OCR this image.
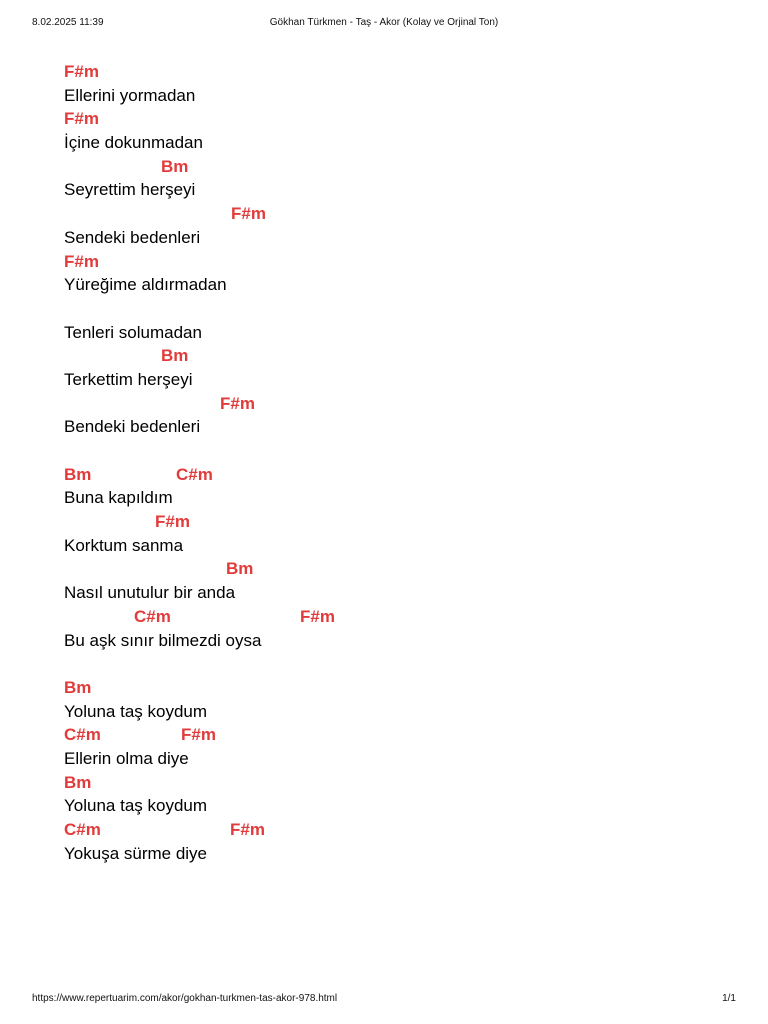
8.02.2025 11:39	Gökhan Türkmen - Taş - Akor (Kolay ve Orjinal Ton)
F#m
Ellerini yormadan
F#m
İçine dokunmadan
Bm
Seyrettim herşeyi
F#m
Sendeki bedenleri
F#m
Yüreğime aldırmadan
Tenleri solumadan
Bm
Terkettim herşeyi
F#m
Bendeki bedenleri
Bm	C#m
Buna kapıldım
F#m
Korktum sanma
Bm
Nasıl unutulur bir anda
C#m	F#m
Bu aşk sınır bilmezdi oysa
Bm
Yoluna taş koydum
C#m	F#m
Ellerin olma diye
Bm
Yoluna taş koydum
C#m	F#m
Yokuşa sürme diye
https://www.repertuarim.com/akor/gokhan-turkmen-tas-akor-978.html	1/1
